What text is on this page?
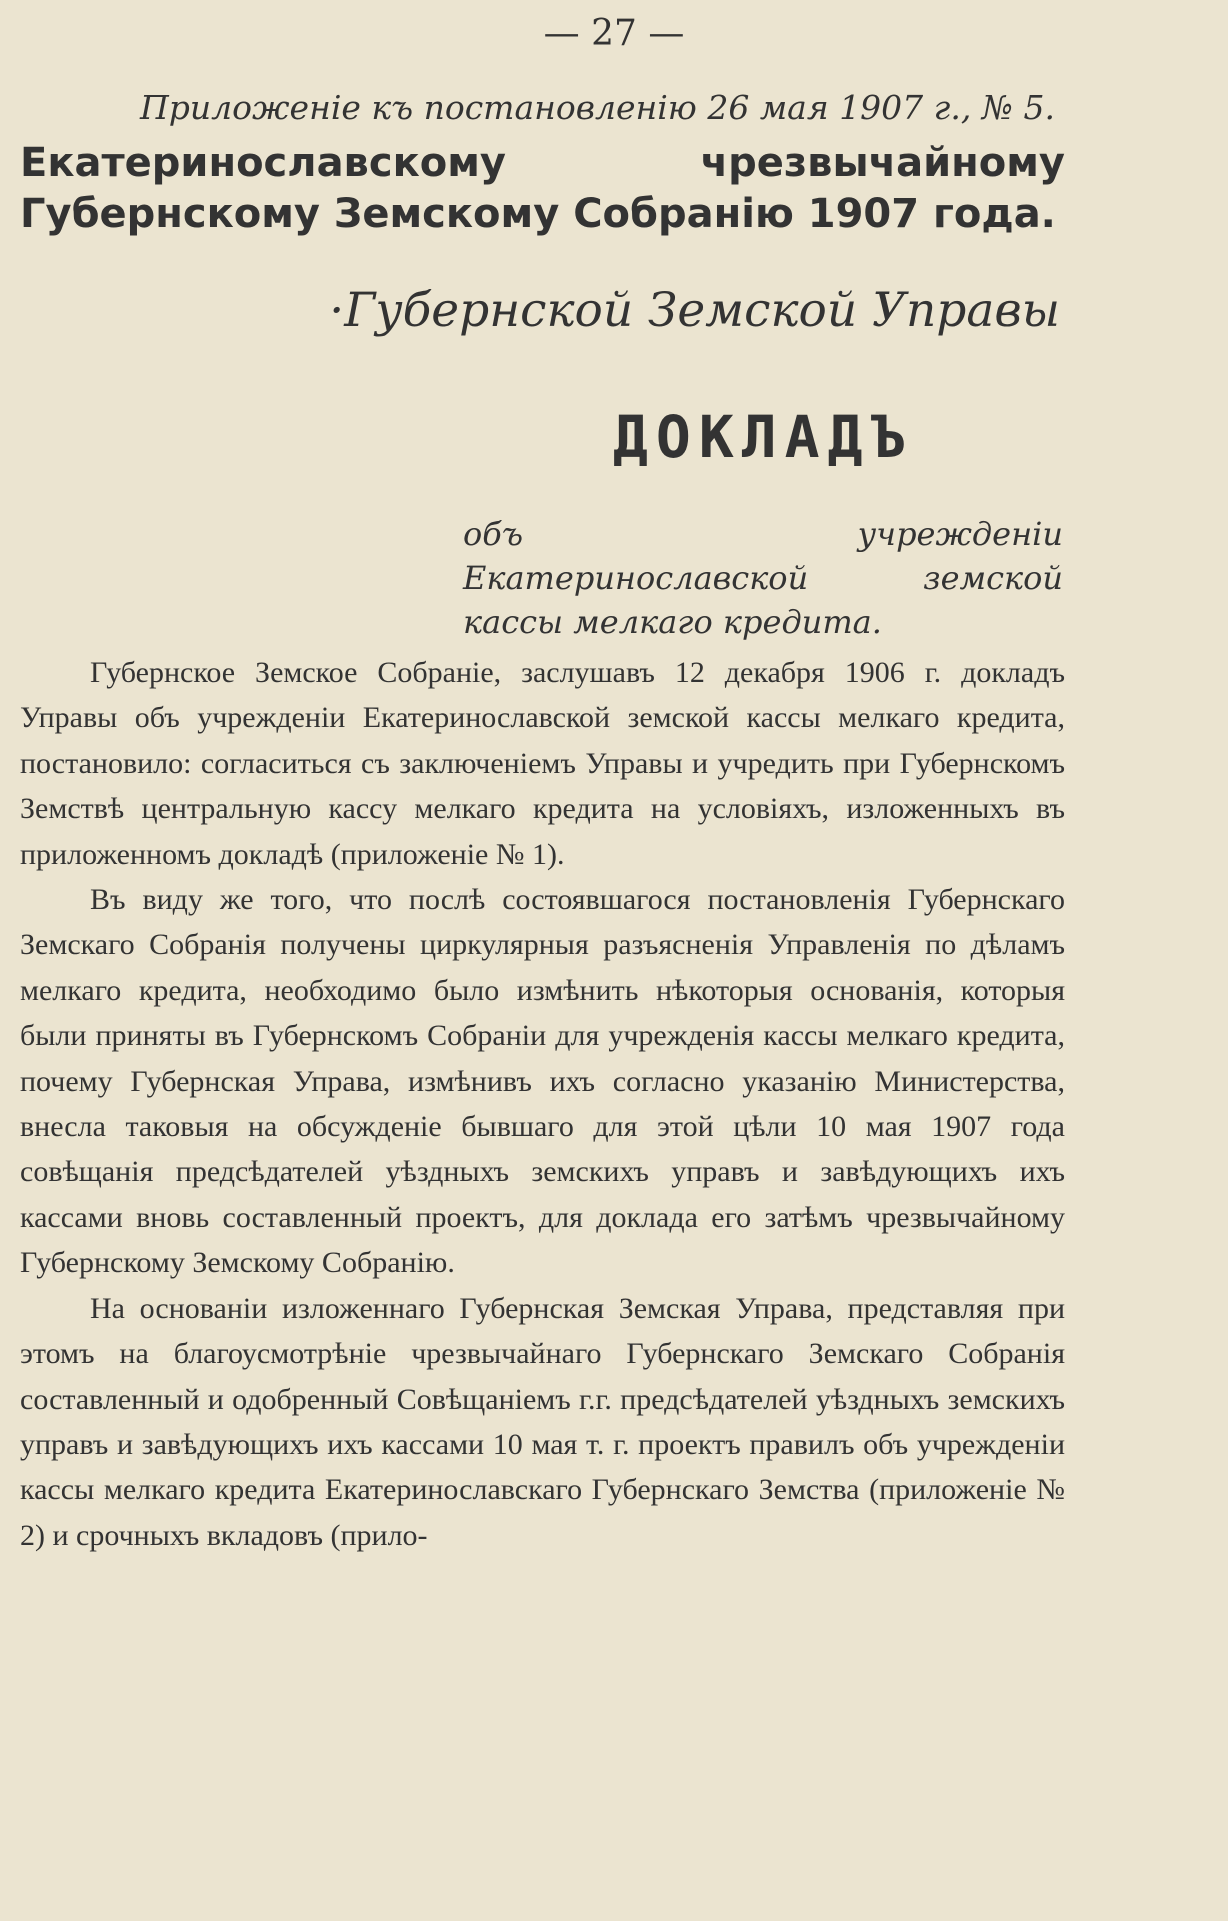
— 27 —
Приложенiе къ постановленiю 26 мая 1907 г., № 5.
Екатеринославскому чрезвычайному Губернскому Земскому Собранiю 1907 года.
·Губернской Земской Управы
ДОКЛАДЪ
объ учрежденiи Екатеринославской земской кассы мелкаго кредита.

Губернское Земское Собранiе, заслушавъ 12 декабря 1906 г. докладъ Управы объ учрежденiи Екатеринославской земской кассы мелкаго кредита, постановило: согласиться съ заключенiемъ Управы и учредить при Губернскомъ Земствѣ центральную кассу мелкаго кредита на условiяхъ, изложенныхъ въ приложенномъ докладѣ (приложенiе № 1).

Въ виду же того, что послѣ состоявшагося постановленiя Губернскаго Земскаго Собранiя получены циркулярныя разъясненiя Управленiя по дѣламъ мелкаго кредита, необходимо было измѣнить нѣкоторыя основанiя, которыя были приняты въ Губернскомъ Собранiи для учрежденiя кассы мелкаго кредита, почему Губернская Управа, измѣнивъ ихъ согласно указанiю Министерства, внесла таковыя на обсужденiе бывшаго для этой цѣли 10 мая 1907 года совѣщанiя предсѣдателей уѣздныхъ земскихъ управъ и завѣдующихъ ихъ кассами вновь составленный проектъ, для доклада его затѣмъ чрезвычайному Губернскому Земскому Собранiю.

На основанiи изложеннаго Губернская Земская Управа, представляя при этомъ на благоусмотрѣнiе чрезвычайнаго Губернскаго Земскаго Собранiя составленный и одобренный Совѣщанiемъ г.г. предсѣдателей уѣздныхъ земскихъ управъ и завѣдующихъ ихъ кассами 10 мая т. г. проектъ правилъ объ учрежденiи кассы мелкаго кредита Екатеринославскаго Губернскаго Земства (приложенiе № 2) и срочныхъ вкладовъ (прило-
